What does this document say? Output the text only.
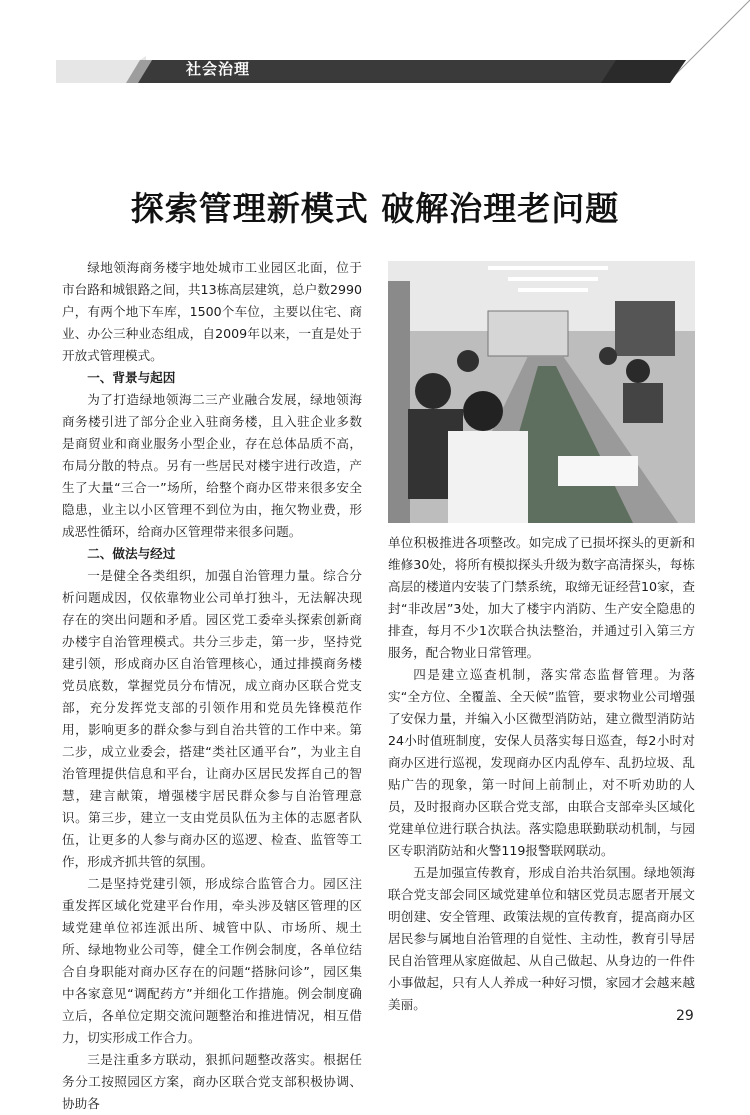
社会治理
探索管理新模式 破解治理老问题

绿地领海商务楼宇地处城市工业园区北面，位于市台路和城银路之间，共13栋高层建筑，总户数2990户，有两个地下车库，1500个车位，主要以住宅、商业、办公三种业态组成，自2009年以来，一直是处于开放式管理模式。

一、背景与起因

为了打造绿地领海二三产业融合发展，绿地领海商务楼引进了部分企业入驻商务楼，且入驻企业多数是商贸业和商业服务小型企业，存在总体品质不高，布局分散的特点。另有一些居民对楼宇进行改造，产生了大量“三合一”场所，给整个商办区带来很多安全隐患，业主以小区管理不到位为由，拖欠物业费，形成恶性循环，给商办区管理带来很多问题。

二、做法与经过

一是健全各类组织，加强自治管理力量。综合分析问题成因，仅依靠物业公司单打独斗，无法解决现存在的突出问题和矛盾。园区党工委牵头探索创新商办楼宇自治管理模式。共分三步走，第一步，坚持党建引领，形成商办区自治管理核心，通过排摸商务楼党员底数，掌握党员分布情况，成立商办区联合党支部，充分发挥党支部的引领作用和党员先锋模范作用，影响更多的群众参与到自治共管的工作中来。第二步，成立业委会，搭建“类社区通平台”，为业主自治管理提供信息和平台，让商办区居民发挥自己的智慧，建言献策，增强楼宇居民群众参与自治管理意识。第三步，建立一支由党员队伍为主体的志愿者队伍，让更多的人参与商办区的巡逻、检查、监管等工作，形成齐抓共管的氛围。

二是坚持党建引领，形成综合监管合力。园区注重发挥区域化党建平台作用，牵头涉及辖区管理的区域党建单位祁连派出所、城管中队、市场所、规土所、绿地物业公司等，健全工作例会制度，各单位结合自身职能对商办区存在的问题“搭脉问诊”，园区集中各家意见“调配药方”并细化工作措施。例会制度确立后，各单位定期交流问题整治和推进情况，相互借力，切实形成工作合力。

三是注重多方联动，狠抓问题整改落实。根据任务分工按照园区方案，商办区联合党支部积极协调、协助各

单位积极推进各项整改。如完成了已损坏探头的更新和维修30处，将所有模拟探头升级为数字高清探头，每栋高层的楼道内安装了门禁系统，取缔无证经营10家，查封“非改居”3处，加大了楼宇内消防、生产安全隐患的排查，每月不少1次联合执法整治，并通过引入第三方服务，配合物业日常管理。

四是建立巡查机制，落实常态监督管理。为落实“全方位、全覆盖、全天候”监管，要求物业公司增强了安保力量，并编入小区微型消防站，建立微型消防站24小时值班制度，安保人员落实每日巡查，每2小时对商办区进行巡视，发现商办区内乱停车、乱扔垃圾、乱贴广告的现象，第一时间上前制止，对不听劝助的人员，及时报商办区联合党支部，由联合支部牵头区域化党建单位进行联合执法。落实隐患联勤联动机制，与园区专职消防站和火警119报警联网联动。

五是加强宣传教育，形成自治共治氛围。绿地领海联合党支部会同区域党建单位和辖区党员志愿者开展文明创建、安全管理、政策法规的宣传教育，提高商办区居民参与属地自治管理的自觉性、主动性，教育引导居民自治管理从家庭做起、从自己做起、从身边的一件件小事做起，只有人人养成一种好习惯，家园才会越来越美丽。

29
